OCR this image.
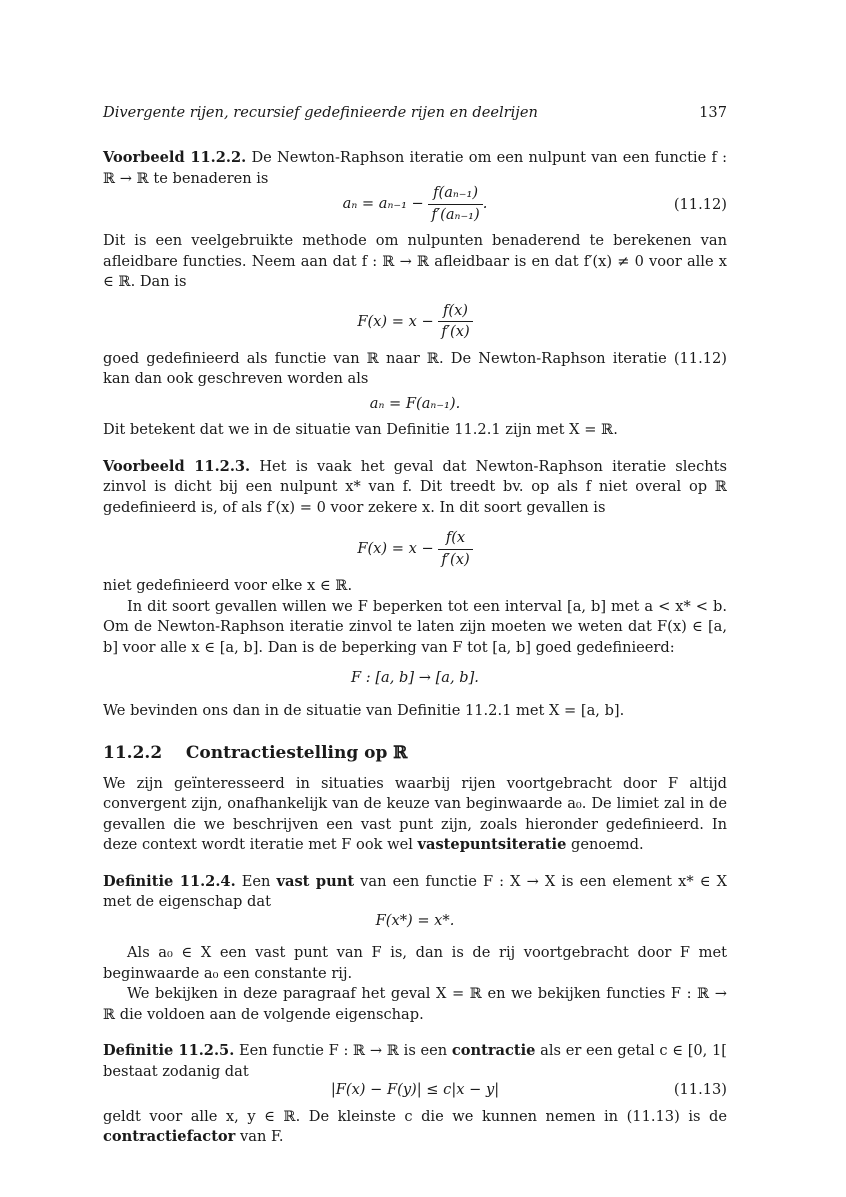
Divergente rijen, recursief gedefinieerde rijen en deelrijen	137

Voorbeeld 11.2.2. De Newton-Raphson iteratie om een nulpunt van een functie f : ℝ → ℝ te benaderen is

$a_n = a_{n-1} - \frac{\text{f(aₙ₋₁)}}{\text{f′(aₙ₋₁)}}$ .	(11.12)

Dit is een veelgebruikte methode om nulpunten benaderend te berekenen van afleidbare functies. Neem aan dat f : ℝ → ℝ afleidbaar is en dat f′(x) ≠ 0 voor alle x ∈ ℝ. Dan is

$F(x) = x - \frac{f(x)}{f'(x)}$

goed gedefinieerd als functie van ℝ naar ℝ. De Newton-Raphson iteratie (11.12) kan dan ook geschreven worden als

aₙ = F(aₙ₋₁).

Dit betekent dat we in de situatie van Definitie 11.2.1 zijn met X = ℝ.

Voorbeeld 11.2.3. Het is vaak het geval dat Newton-Raphson iteratie slechts zinvol is dicht bij een nulpunt x* van f. Dit treedt bv. op als f niet overal op ℝ gedefinieerd is, of als f′(x) = 0 voor zekere x. In dit soort gevallen is

$F(x) = x - \frac{f(x}{f'(x)}$

niet gedefinieerd voor elke x ∈ ℝ.

In dit soort gevallen willen we F beperken tot een interval [a, b] met a < x* < b. Om de Newton-Raphson iteratie zinvol te laten zijn moeten we weten dat F(x) ∈ [a, b] voor alle x ∈ [a, b]. Dan is de beperking van F tot [a, b] goed gedefinieerd:

F : [a, b] → [a, b].

We bevinden ons dan in de situatie van Definitie 11.2.1 met X = [a, b].

11.2.2 Contractiestelling op ℝ

We zijn geïnteresseerd in situaties waarbij rijen voortgebracht door F altijd convergent zijn, onafhankelijk van de keuze van beginwaarde a₀. De limiet zal in de gevallen die we beschrijven een vast punt zijn, zoals hieronder gedefinieerd. In deze context wordt iteratie met F ook wel vastepuntsiteratie genoemd.

Definitie 11.2.4. Een vast punt van een functie F : X → X is een element x* ∈ X met de eigenschap dat

F(x*) = x*.

Als a₀ ∈ X een vast punt van F is, dan is de rij voortgebracht door F met beginwaarde a₀ een constante rij.

We bekijken in deze paragraaf het geval X = ℝ en we bekijken functies F : ℝ → ℝ die voldoen aan de volgende eigenschap.

Definitie 11.2.5. Een functie F : ℝ → ℝ is een contractie als er een getal c ∈ [0, 1[ bestaat zodanig dat

|F(x) − F(y)| ≤ c|x − y|	(11.13)

geldt voor alle x, y ∈ ℝ. De kleinste c die we kunnen nemen in (11.13) is de contractiefactor van F.
